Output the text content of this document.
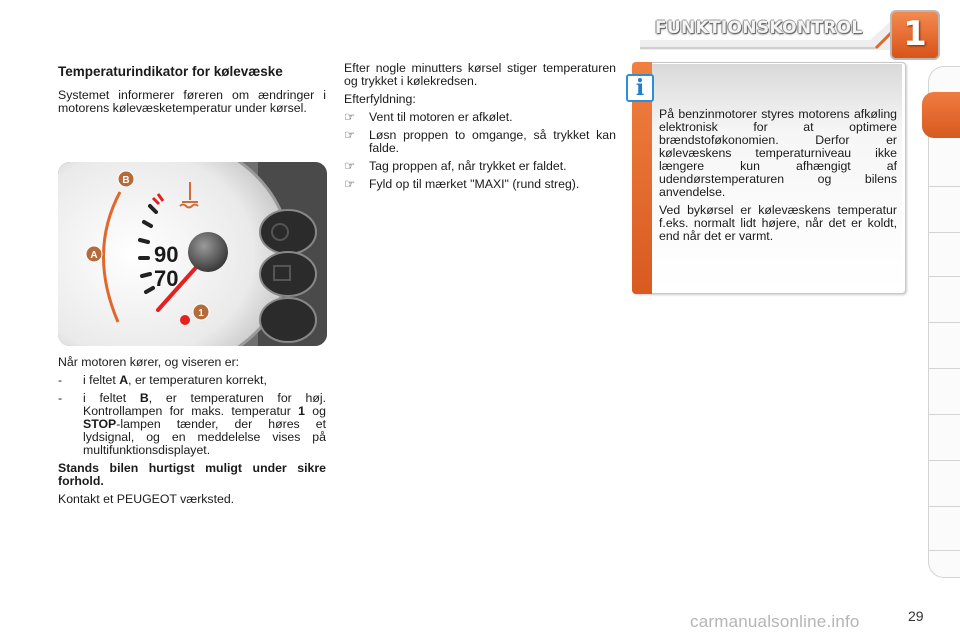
FUNKTIONSKONTROL	1
Temperaturindikator for kølevæske

Systemet informerer føreren om ændringer i motorens kølevæsketemperatur under kørsel.

90
70
B
A
1

Når motoren kører, og viseren er:

-	i feltet A, er temperaturen korrekt,
-	i feltet B, er temperaturen for høj. Kontrollampen for maks. temperatur 1 og STOP-lampen tænder, der høres et lydsignal, og en meddelelse vises på multifunktionsdisplayet.

Stands bilen hurtigst muligt under sikre forhold.

Kontakt et PEUGEOT værksted.

Efter nogle minutters kørsel stiger temperaturen og trykket i kølekredsen.

Efterfyldning:

☞	Vent til motoren er afkølet.
☞	Løsn proppen to omgange, så trykket kan falde.
☞	Tag proppen af, når trykket er faldet.
☞	Fyld op til mærket "MAXI" (rund streg).
i

På benzinmotorer styres motorens afkøling elektronisk for at optimere brændstoføkonomien. Derfor er kølevæskens temperaturniveau ikke længere kun afhængigt af udendørstemperaturen og bilens anvendelse.

Ved bykørsel er kølevæskens temperatur f.eks. normalt lidt højere, når det er koldt, end når det er varmt.

29
carmanualsonline.info
